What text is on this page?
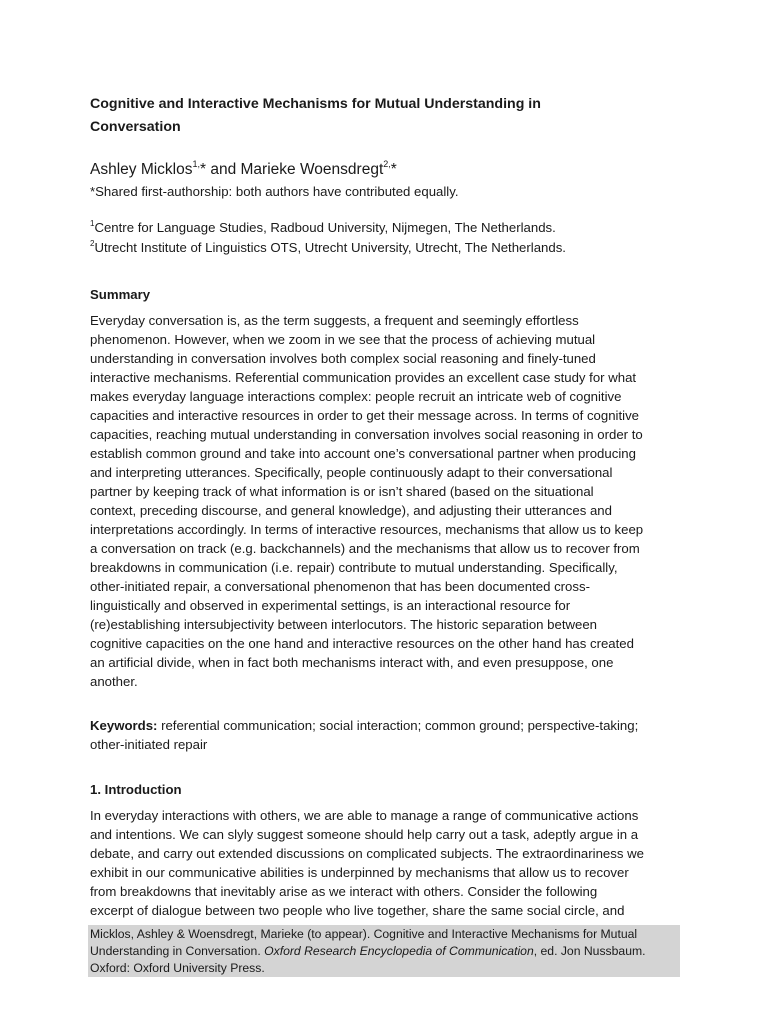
Cognitive and Interactive Mechanisms for Mutual Understanding in
Conversation
Ashley Micklos$^{1,}$* and Marieke Woensdregt$^{2,}$*
*Shared first-authorship: both authors have contributed equally.
$^1$Centre for Language Studies, Radboud University, Nijmegen, The Netherlands.
$^2$Utrecht Institute of Linguistics OTS, Utrecht University, Utrecht, The Netherlands.
Summary
Everyday conversation is, as the term suggests, a frequent and seemingly effortless
phenomenon. However, when we zoom in we see that the process of achieving mutual
understanding in conversation involves both complex social reasoning and finely-tuned
interactive mechanisms. Referential communication provides an excellent case study for what
makes everyday language interactions complex: people recruit an intricate web of cognitive
capacities and interactive resources in order to get their message across. In terms of cognitive
capacities, reaching mutual understanding in conversation involves social reasoning in order to
establish common ground and take into account one’s conversational partner when producing
and interpreting utterances. Specifically, people continuously adapt to their conversational
partner by keeping track of what information is or isn’t shared (based on the situational
context, preceding discourse, and general knowledge), and adjusting their utterances and
interpretations accordingly. In terms of interactive resources, mechanisms that allow us to keep
a conversation on track (e.g. backchannels) and the mechanisms that allow us to recover from
breakdowns in communication (i.e. repair) contribute to mutual understanding. Specifically,
other-initiated repair, a conversational phenomenon that has been documented cross-
linguistically and observed in experimental settings, is an interactional resource for
(re)establishing intersubjectivity between interlocutors. The historic separation between
cognitive capacities on the one hand and interactive resources on the other hand has created
an artificial divide, when in fact both mechanisms interact with, and even presuppose, one
another.
Keywords: referential communication; social interaction; common ground; perspective-taking;
other-initiated repair
1. Introduction
In everyday interactions with others, we are able to manage a range of communicative actions
and intentions. We can slyly suggest someone should help carry out a task, adeptly argue in a
debate, and carry out extended discussions on complicated subjects. The extraordinariness we
exhibit in our communicative abilities is underpinned by mechanisms that allow us to recover
from breakdowns that inevitably arise as we interact with others. Consider the following
excerpt of dialogue between two people who live together, share the same social circle, and
Micklos, Ashley & Woensdregt, Marieke (to appear). Cognitive and Interactive Mechanisms for Mutual
Understanding in Conversation. Oxford Research Encyclopedia of Communication, ed. Jon Nussbaum.
Oxford: Oxford University Press.
